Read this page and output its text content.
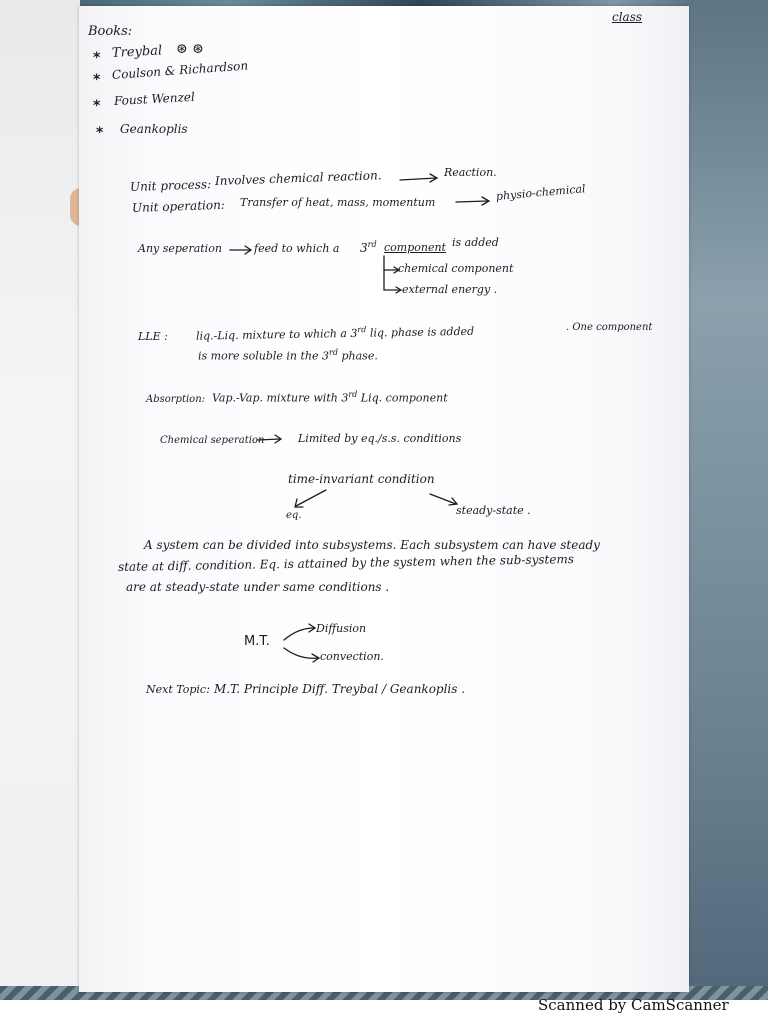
class
Books:
* Treybal ⊛ ⊛
* Coulson & Richardson
* Foust Wenzel
* Geankoplis
Unit process: Involves chemical reaction.	Reaction.
Unit operation: Transfer of heat, mass, momentum	physio-chemical
Any seperation	feed to which a 3rd component is added
chemical component
external energy .
LLE :	liq.-Liq. mixture to which a 3rd liq. phase is added	. One component
is more soluble in the 3rd phase.
Absorption: Vap.-Vap. mixture with 3rd Liq. component
Chemical seperation	Limited by eq./s.s. conditions
time-invariant condition
eq.	steady-state .
A system can be divided into subsystems. Each subsystem can have steady
state at diff. condition. Eq. is attained by the system when the sub-systems
are at steady-state under same conditions .
M.T.
Diffusion
convection.
Next Topic: M.T. Principle Diff. Treybal / Geankoplis .
Scanned by CamScanner
